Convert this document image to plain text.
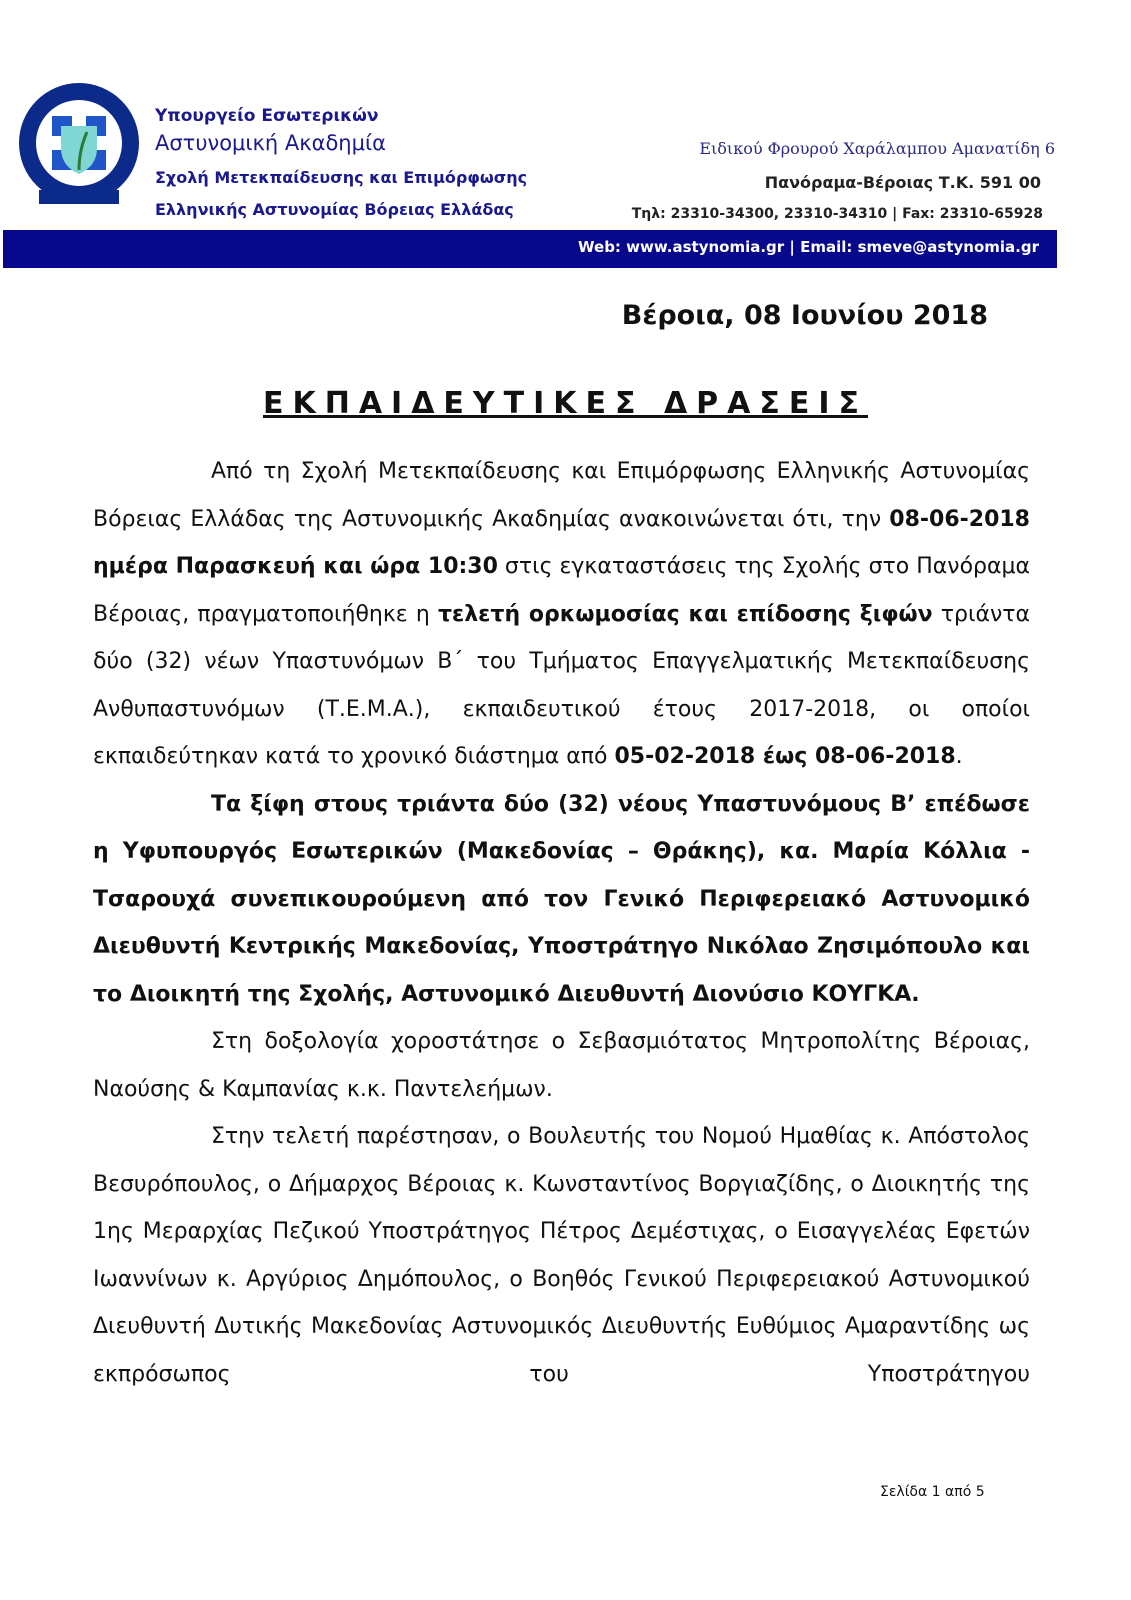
Υπουργείο Εσωτερικών
Αστυνομική Ακαδημία
Σχολή Μετεκπαίδευσης και Επιμόρφωσης
Ελληνικής Αστυνομίας Βόρειας Ελλάδας
Ειδικού Φρουρού Χαράλαμπου Αμανατίδη 6
Πανόραμα-Βέροιας Τ.Κ. 591 00
Τηλ: 23310-34300, 23310-34310 | Fax: 23310-65928
Web: www.astynomia.gr | Email: smeve@astynomia.gr
Βέροια, 08 Ιουνίου 2018
ΕΚΠΑΙΔΕΥΤΙΚΕΣ ΔΡΑΣΕΙΣ

Από τη Σχολή Μετεκπαίδευσης και Επιμόρφωσης Ελληνικής Αστυνομίας Βόρειας Ελλάδας της Αστυνομικής Ακαδημίας ανακοινώνεται ότι, την 08-06-2018 ημέρα Παρασκευή και ώρα 10:30 στις εγκαταστάσεις της Σχολής στο Πανόραμα Βέροιας, πραγματοποιήθηκε η τελετή ορκωμοσίας και επίδοσης ξιφών τριάντα δύο (32) νέων Υπαστυνόμων Β΄ του Τμήματος Επαγγελματικής Μετεκπαίδευσης Ανθυπαστυνόμων (Τ.Ε.Μ.Α.), εκπαιδευτικού έτους 2017-2018, οι οποίοι εκπαιδεύτηκαν κατά το χρονικό διάστημα από 05-02-2018 έως 08-06-2018.

Τα ξίφη στους τριάντα δύο (32) νέους Υπαστυνόμους Β’ επέδωσε η Υφυπουργός Εσωτερικών (Μακεδονίας – Θράκης), κα. Μαρία Κόλλια - Τσαρουχά συνεπικουρούμενη από τον Γενικό Περιφερειακό Αστυνομικό Διευθυντή Κεντρικής Μακεδονίας, Υποστράτηγο Νικόλαο Ζησιμόπουλο και το Διοικητή της Σχολής, Αστυνομικό Διευθυντή Διονύσιο ΚΟΥΓΚΑ.

Στη δοξολογία χοροστάτησε ο Σεβασμιότατος Μητροπολίτης Βέροιας, Ναούσης & Καμπανίας κ.κ. Παντελεήμων.

Στην τελετή παρέστησαν, ο Βουλευτής του Νομού Ημαθίας κ. Απόστολος Βεσυρόπουλος, ο Δήμαρχος Βέροιας κ. Κωνσταντίνος Βοργιαζίδης, ο Διοικητής της 1ης Μεραρχίας Πεζικού Υποστράτηγος Πέτρος Δεμέστιχας, ο Εισαγγελέας Εφετών Ιωαννίνων κ. Αργύριος Δημόπουλος, ο Βοηθός Γενικού Περιφερειακού Αστυνομικού Διευθυντή Δυτικής Μακεδονίας Αστυνομικός Διευθυντής Ευθύμιος Αμαραντίδης ως εκπρόσωπος του Υποστράτηγου

Σελίδα 1 από 5
